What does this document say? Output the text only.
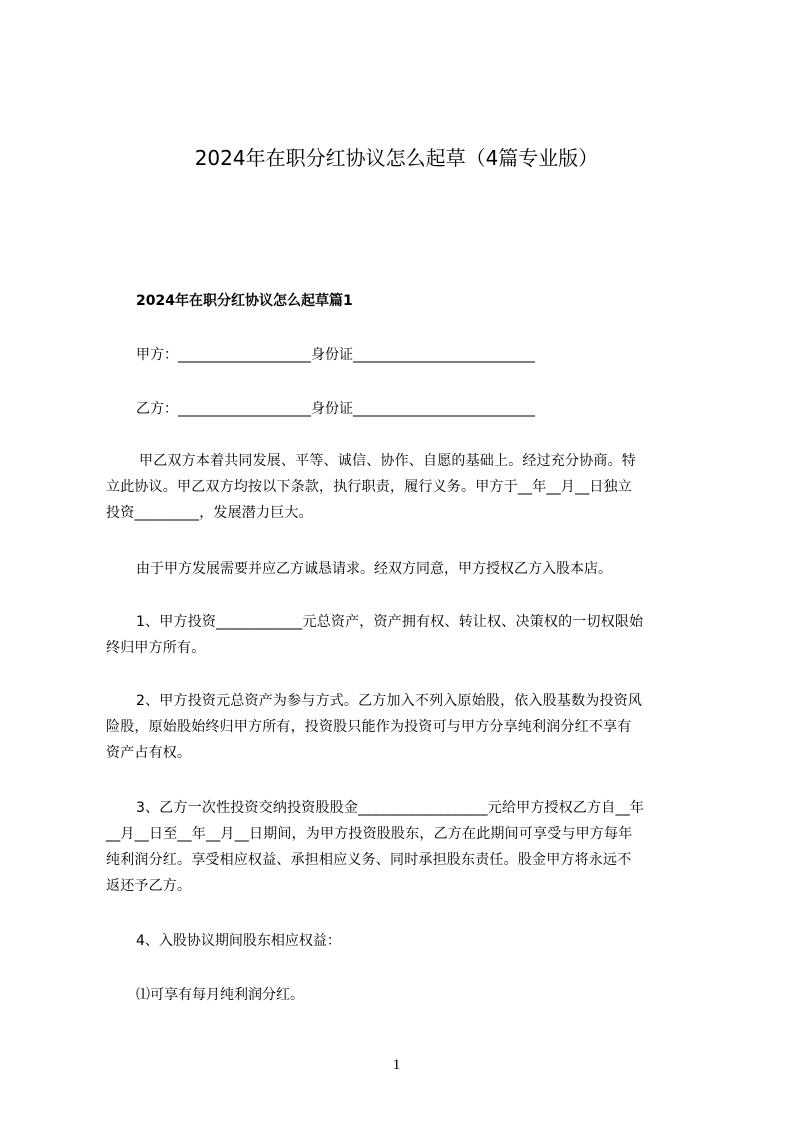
2024年在职分红协议怎么起草（4篇专业版）
2024年在职分红协议怎么起草篇1
甲方：___________________身份证__________________________
乙方：___________________身份证__________________________
甲乙双方本着共同发展、平等、诚信、协作、自愿的基础上。经过充分协商。特
立此协议。甲乙双方均按以下条款，执行职责，履行义务。甲方于__年__月__日独立
投资_________，发展潜力巨大。
由于甲方发展需要并应乙方诚恳请求。经双方同意，甲方授权乙方入股本店。
1、甲方投资____________元总资产，资产拥有权、转让权、决策权的一切权限始
终归甲方所有。
2、甲方投资元总资产为参与方式。乙方加入不列入原始股，依入股基数为投资风
险股，原始股始终归甲方所有，投资股只能作为投资可与甲方分享纯利润分红不享有
资产占有权。
3、乙方一次性投资交纳投资股股金__________________元给甲方授权乙方自__年
__月__日至__年__月__日期间，为甲方投资股股东，乙方在此期间可享受与甲方每年
纯利润分红。享受相应权益、承担相应义务、同时承担股东责任。股金甲方将永远不
返还予乙方。
4、入股协议期间股东相应权益：
⑴可享有每月纯利润分红。
1
